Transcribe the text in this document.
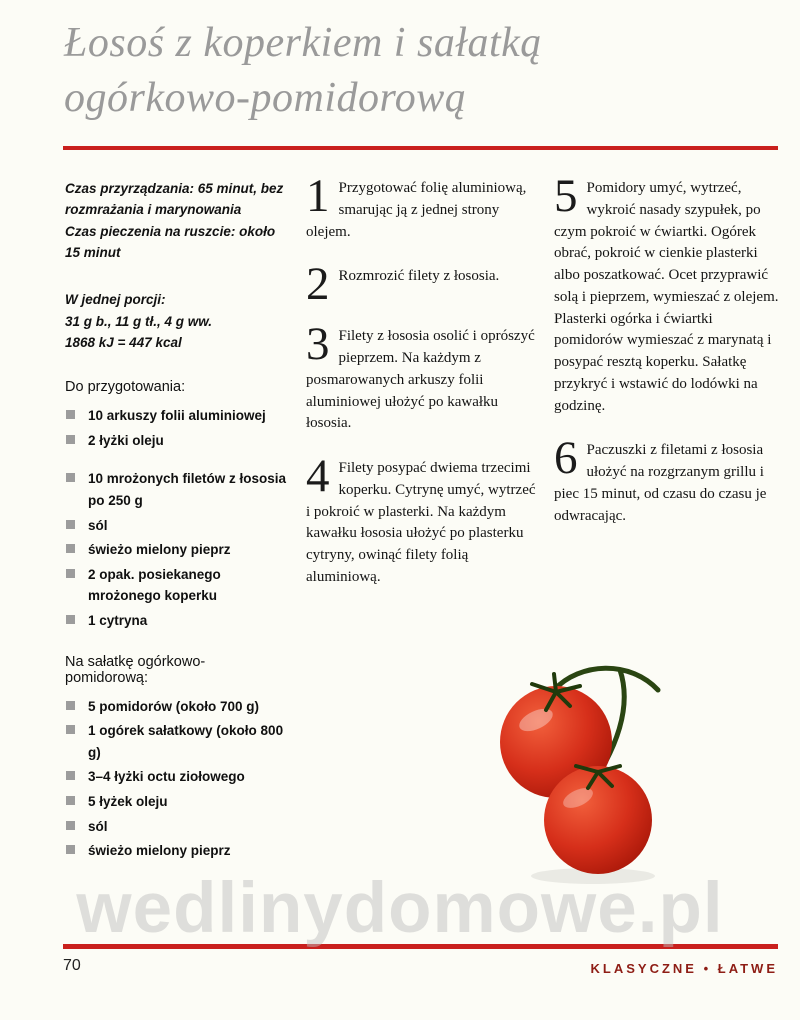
Łosoś z koperkiem i sałatką
ogórkowo-pomidorową

Czas przyrządzania: 65 minut, bez rozmrażania i marynowania

Czas pieczenia na ruszcie: około 15 minut

W jednej porcji:

31 g b., 11 g tł., 4 g ww.

1868 kJ = 447 kcal

Do przygotowania:

10 arkuszy folii aluminiowej
2 łyżki oleju
10 mrożonych filetów z łososia po 250 g
sól
świeżo mielony pieprz
2 opak. posiekanego mrożonego koperku
1 cytryna

Na sałatkę ogórkowo-pomidorową:

5 pomidorów (około 700 g)
1 ogórek sałatkowy (około 800 g)
3–4 łyżki octu ziołowego
5 łyżek oleju
sól
świeżo mielony pieprz
1 Przygotować folię aluminiową, smarując ją z jednej strony olejem.
2 Rozmrozić filety z łososia.
3 Filety z łososia osolić i oprószyć pieprzem. Na każdym z posmarowanych arkuszy folii aluminiowej ułożyć po kawałku łososia.
4 Filety posypać dwiema trzecimi koperku. Cytrynę umyć, wytrzeć i pokroić w plasterki. Na każdym kawałku łososia ułożyć po plasterku cytryny, owinąć filety folią aluminiową.
5 Pomidory umyć, wytrzeć, wykroić nasady szypułek, po czym pokroić w ćwiartki. Ogórek obrać, pokroić w cienkie plasterki albo poszatkować. Ocet przyprawić solą i pieprzem, wymieszać z olejem. Plasterki ogórka i ćwiartki pomidorów wymieszać z marynatą i posypać resztą koperku. Sałatkę przykryć i wstawić do lodówki na godzinę.
6 Paczuszki z filetami z łososia ułożyć na rozgrzanym grillu i piec 15 minut, od czasu do czasu je odwracając.
wedlinydomowe.pl
70	KLASYCZNE • ŁATWE
